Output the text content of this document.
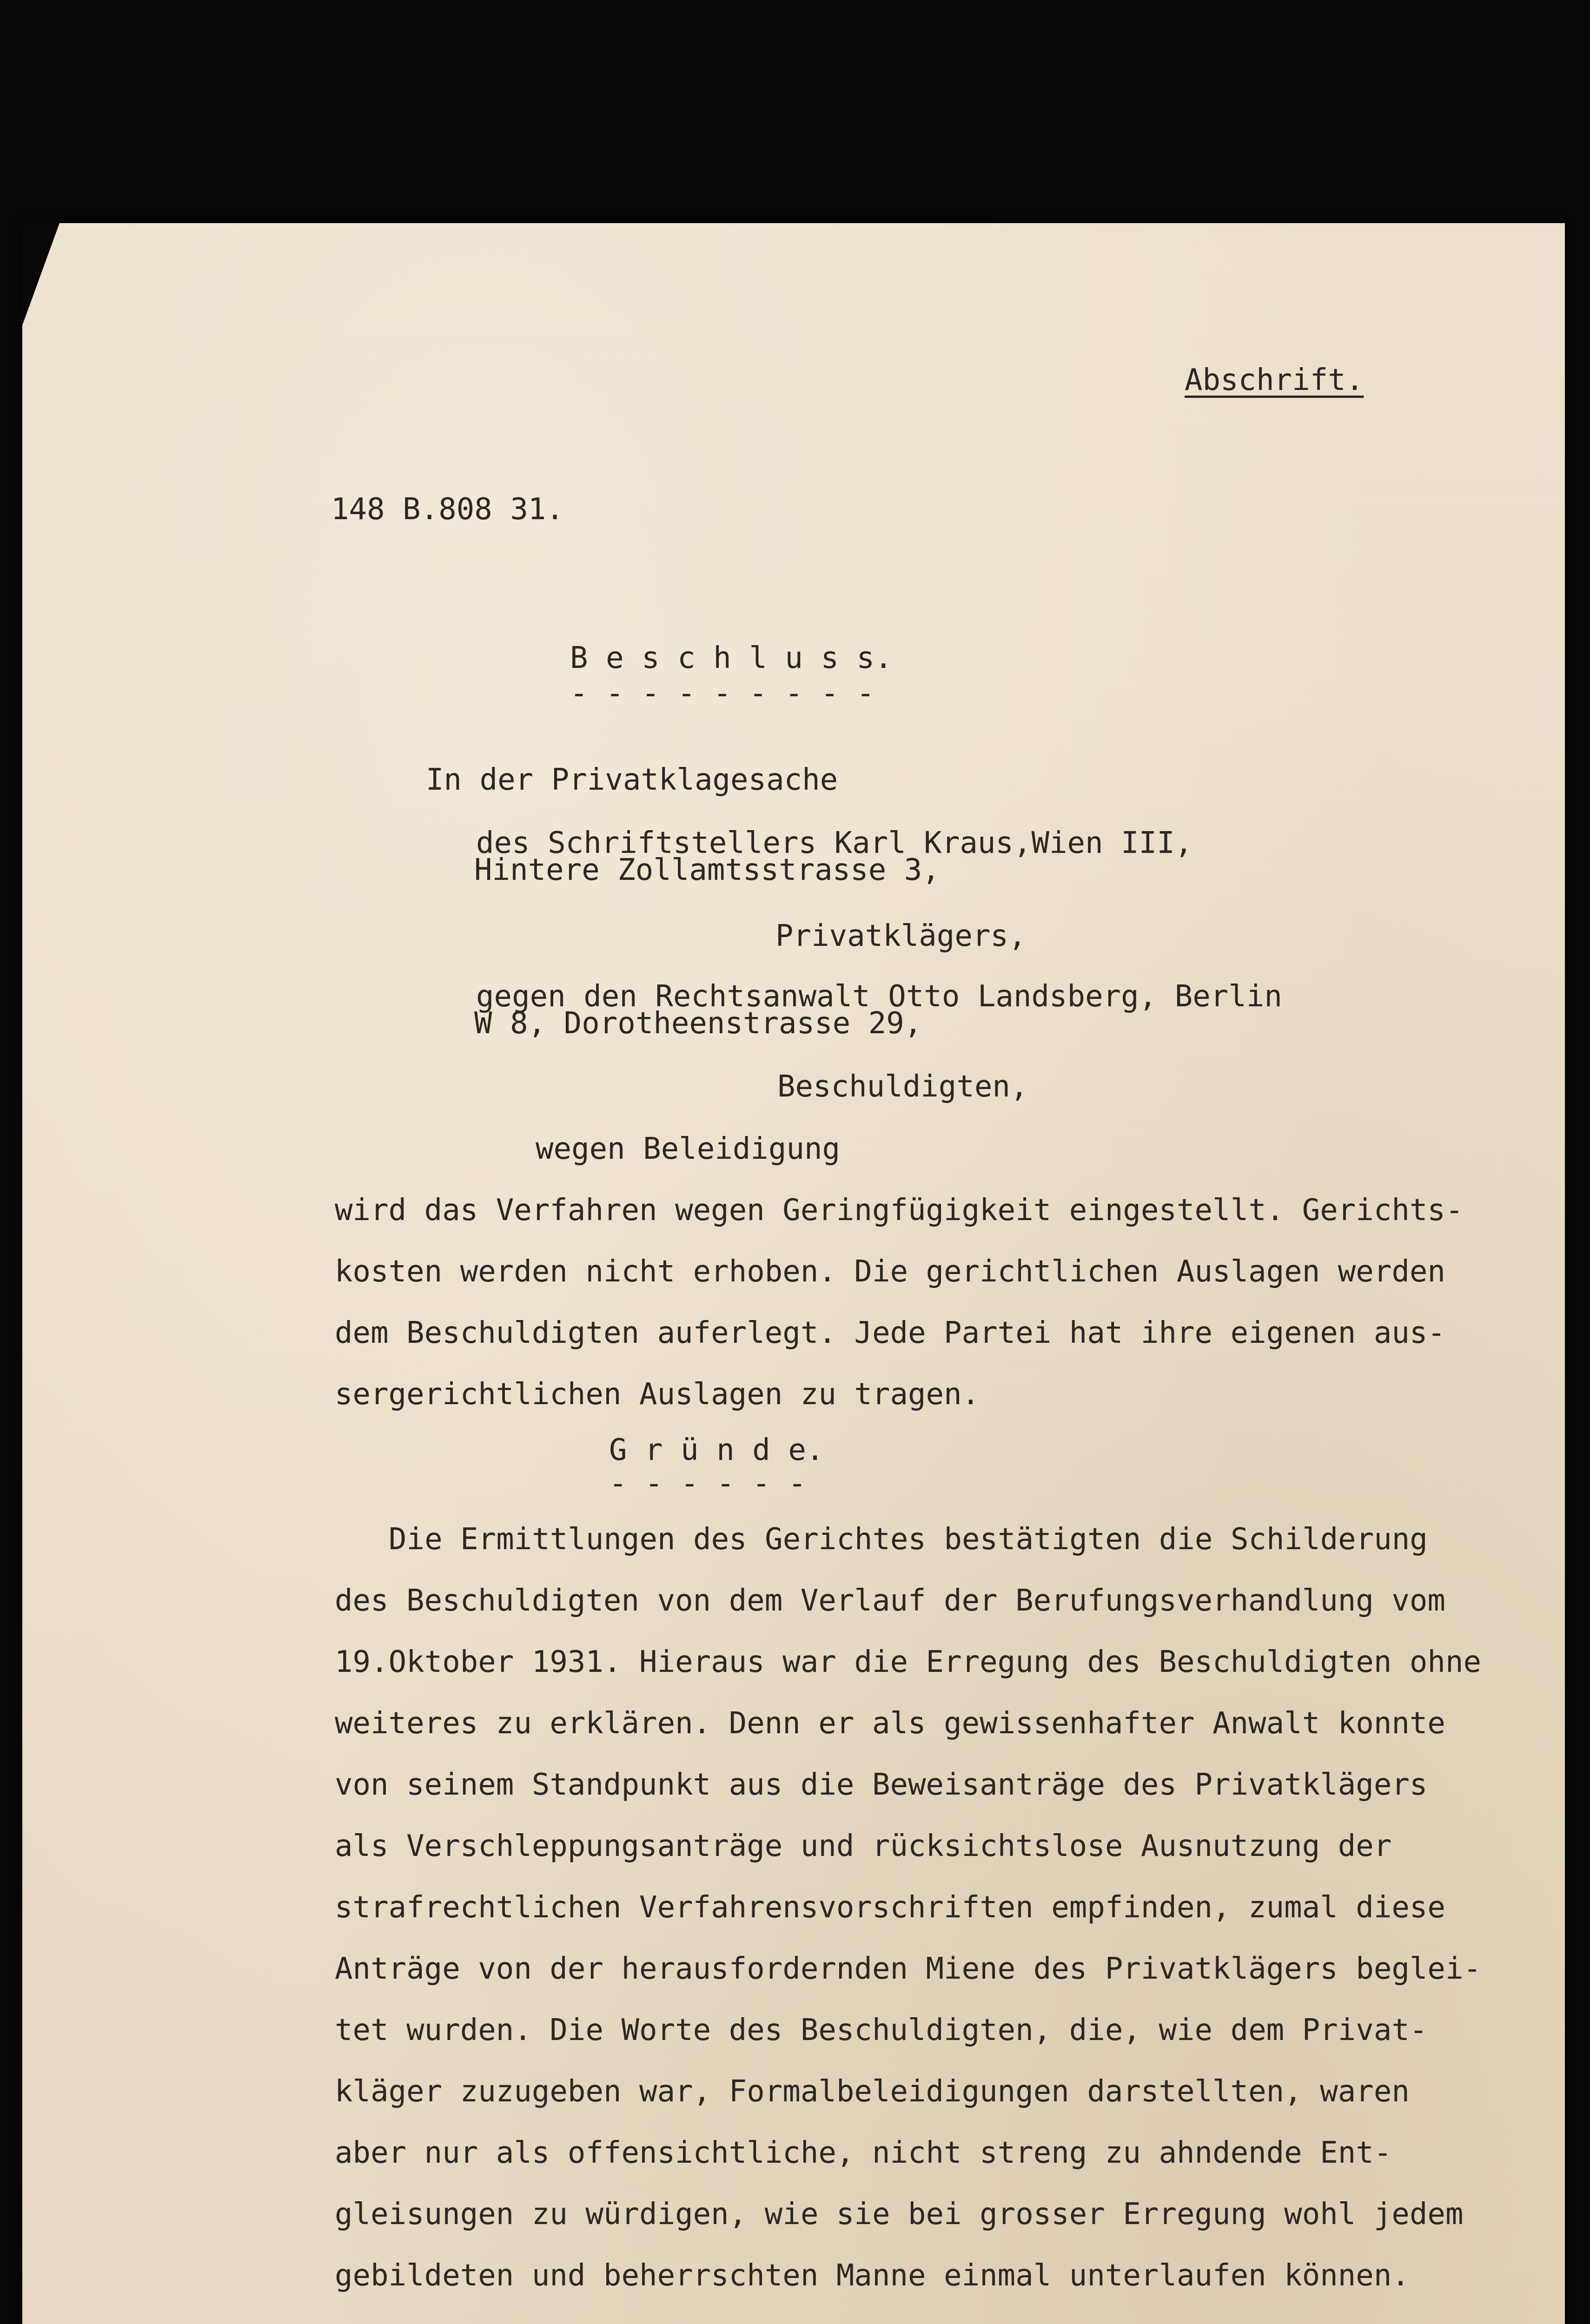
Abschrift.
148 B.808 31.
B e s c h l u s s.
- - - - - - - - -
In der Privatklagesache
des Schriftstellers Karl Kraus,Wien III,
Hintere Zollamtsstrasse 3,
Privatklägers,
gegen den Rechtsanwalt Otto Landsberg, Berlin
W 8, Dorotheenstrasse 29,
Beschuldigten,
wegen Beleidigung
wird das Verfahren wegen Geringfügigkeit eingestellt. Gerichts-
kosten werden nicht erhoben. Die gerichtlichen Auslagen werden
dem Beschuldigten auferlegt. Jede Partei hat ihre eigenen aus-
sergerichtlichen Auslagen zu tragen.
G r ü n d e.
- - - - - -
Die Ermittlungen des Gerichtes bestätigten die Schilderung
des Beschuldigten von dem Verlauf der Berufungsverhandlung vom
19.Oktober 1931. Hieraus war die Erregung des Beschuldigten ohne
weiteres zu erklären. Denn er als gewissenhafter Anwalt konnte
von seinem Standpunkt aus die Beweisanträge des Privatklägers
als Verschleppungsanträge und rücksichtslose Ausnutzung der
strafrechtlichen Verfahrensvorschriften empfinden, zumal diese
Anträge von der herausfordernden Miene des Privatklägers beglei-
tet wurden. Die Worte des Beschuldigten, die, wie dem Privat-
kläger zuzugeben war, Formalbeleidigungen darstellten, waren
aber nur als offensichtliche, nicht streng zu ahndende Ent-
gleisungen zu würdigen, wie sie bei grosser Erregung wohl jedem
gebildeten und beherrschten Manne einmal unterlaufen können.
